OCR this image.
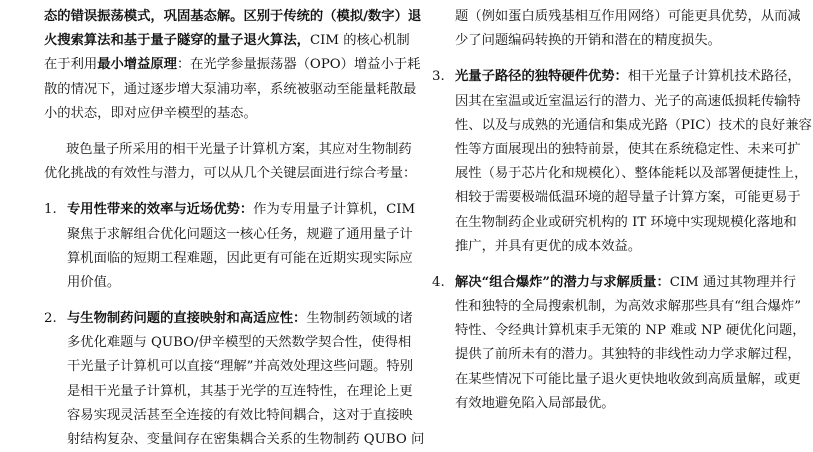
态的错误振荡模式，巩固基态解。区别于传统的（模拟/数字）退
火搜索算法和基于量子隧穿的量子退火算法，CIM 的核心机制
在于利用最小增益原理：在光学参量振荡器（OPO）增益小于耗
散的情况下，通过逐步增大泵浦功率，系统被驱动至能量耗散最
小的状态，即对应伊辛模型的基态。
玻色量子所采用的相干光量子计算机方案，其应对生物制药
优化挑战的有效性与潜力，可以从几个关键层面进行综合考量：
1. 专用性带来的效率与近场优势：作为专用量子计算机，CIM
聚焦于求解组合优化问题这一核心任务，规避了通用量子计
算机面临的短期工程难题，因此更有可能在近期实现实际应
用价值。
2. 与生物制药问题的直接映射和高适应性：生物制药领域的诸
多优化难题与 QUBO/伊辛模型的天然数学契合性，使得相
干光量子计算机可以直接“理解”并高效处理这些问题。特别
是相干光量子计算机，其基于光学的互连特性，在理论上更
容易实现灵活甚至全连接的有效比特间耦合，这对于直接映
射结构复杂、变量间存在密集耦合关系的生物制药 QUBO 问
题（例如蛋白质残基相互作用网络）可能更具优势，从而减
少了问题编码转换的开销和潜在的精度损失。
3. 光量子路径的独特硬件优势：相干光量子计算机技术路径，
因其在室温或近室温运行的潜力、光子的高速低损耗传输特
性、以及与成熟的光通信和集成光路（PIC）技术的良好兼容
性等方面展现出的独特前景，使其在系统稳定性、未来可扩
展性（易于芯片化和规模化）、整体能耗以及部署便捷性上，
相较于需要极端低温环境的超导量子计算方案，可能更易于
在生物制药企业或研究机构的 IT 环境中实现规模化落地和
推广，并具有更优的成本效益。
4. 解决“组合爆炸”的潜力与求解质量：CIM 通过其物理并行
性和独特的全局搜索机制，为高效求解那些具有“组合爆炸”
特性、令经典计算机束手无策的 NP 难或 NP 硬优化问题，
提供了前所未有的潜力。其独特的非线性动力学求解过程，
在某些情况下可能比量子退火更快地收敛到高质量解，或更
有效地避免陷入局部最优。
